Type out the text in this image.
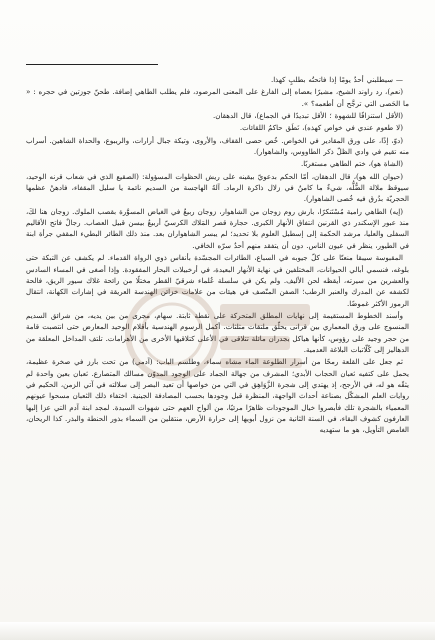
— سيطلبني أحدٌ يومًا إذا فاتحتُه بطلبٍ كهذا.

(نعم)، رد راوند الشيخ، مشيرًا بعصاه إلى الفارغ على المعنى المرصود، فلم يطلب الطاهي إضافة. طحنّ جوزتين في حجره : « ما الحَصى التي ترجَّح أن أطعمه؟ ».

(الأقل استنزافًا للشهوة ؛ الأقل تبديدًا في الجماع)، قال الدهقان.

(لا طعوم عندي في خواص كهذه)، نَطَق حاكمُ اللقائات.

(دوّ، إذًا، على ورق المقادير في الخواص. خُص حصى القفاف، والأروى، وتيكة جبال أرارات، والريبوع، والحداة الشاهين. أسراب منه تقيم في وادي الظلّ ذكر الطاووس، والشاهوار).

(الشاة هو)، ختم الطاهي مستغربًا.

(حيوان الله هو)، قال الدهقان، أمّا الحكم بدعويّ بيقينه على ريش الحظوات المسؤولة: (الصقيع الذي في شعاب قرنه الوحيد، سيوقظ ملالة الضُّلُّه، شيءٌ ما كامنٌ في زلال ذاكرة الرماد. آلهُ الهاجسة من السديم نائمة يا سليل المقفاء، فادهنْ عظمها الحجريّة بدُرق فيه خُصى الشاهوار).

(إيه) الطاهي رامية مُسْتَنكرًا، بارش روم زوجان من الشاهوار، زوجان ربيعٌ في الغياض المسوَّرة بقصب الملوك. زوجان هنا لكَ، منذ عبور الإسكندر ذي القرنين انتفاق الأنهار الكبرى. حجارة قصر المَلاك الكرسيّ أربيعٌ بيسن قبيل العصاب. رجالٌ فاتح الأقاليم السفلى والعليا، مرشد الحكمة إلى إسطبل العلوم بلا تحديد؛ لم يبسر الشاهواران بعد. منذ ذلك الطائر البطيء المقفي جرأة ابنة في الطيور، ينظر في عيون الناس. دون أن يتفقد منهم أحدٌ سرّه الخافي.

المقبوسة سيبقا منعتًا على كلّ جيوبه في السباع، الطائرات المجسّدة بأنفاس ذوي الرواة القدماء. لم يكشف عن التبكة حتى بلوغه، فنسمي أبالي الحيوانات، المختلفين في نهاية الأنهار البعيدة، في أرخبيلات البحار المفقودة. وإذا أصغى في المساء السادس والعشرين من سيرته، أيقظه لحن الأليف. ولم يكن في سلسلة عُلماء شرقيّ القطر مختلًا من رائحة غلاك سيور الريق، فالحة لكشفه عن المدرك والعنبر الرطب؛ الصفن المتّصف في هيئات من علامات خزائن الهندسة العريقة في إشارات الكهانة، انتقال الرموز الأكثر غموضًا.

وأسند الخطوط المستقيمة إلى نهايات المطلق المتحركة على نقطة ثابتة. سهام، مجرى من بين يديه، من شرائق السديم المنسوج على ورق المعماري بين قرانى يحلّق ملتقات مثلثات. أكمل الرسوم الهندسية بأقلام الوحيد المعارض حتى انتصبت قامة من حجر وجيد على رؤوس، كأنها هياكل بجدران مائلة تتلاقى في الأعلى كتلاقيها الأخرى من الأهرامات. تلتف المداخل المعلقة من الدهاليز إلى كُلّاتبات البلاغة العدمية.

ثم جعل على القلعة رمحًا من أسرار الطلوعة الماء مشاه سماء، وطلسم الباب: (آدمي) من تحت بارز في صخرة عظيمة، يحمل على كتفيه ثعبان الحجاب الأبدي؛ المشرف من جهالة الجماد على الوجود المدوّن مسالك المتصارع. ثعبان بعين واحدة لم يثقّه هو له، في الأرجح، إذ يهتدي إلى شجرة الزَّوَاهِق في التي من خواصها أن تعيد البصر إلى سلالته في آتي الزمن، الحكيم في روايات العلم المشكّل بصناعة أحداث الواجهة، المنظرة قبل وجودها بحسب المصادفة الجينية. اختفاء ذلك الثعبان مسحوا عيونهم المعمياء بالشجرة تلك فأبصروا خيال الموجودات ظاهرًا مرئيًا، من ألواح العهم حتى شهوات السيدة. لمجد ابنة آدم التي عزا إليها العارفون كشوف البقاء، في السنة الثانية من نزول أبويها إلى حرارة الأرض، منتقلين من السماء بذور الحنطة والبذر. كذا الريحان، الغامض التأويل، هو ما ستهديه
